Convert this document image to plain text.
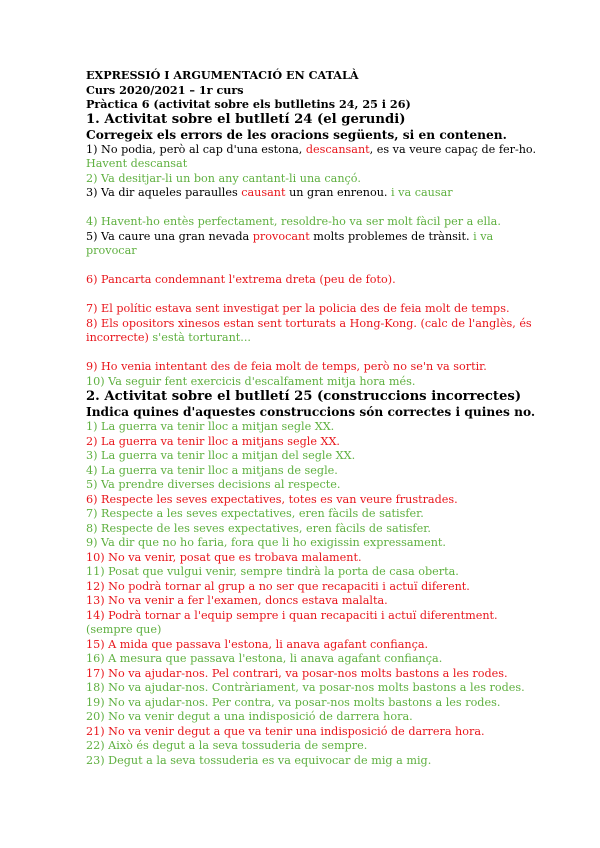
EXPRESSIÓ I ARGUMENTACIÓ EN CATALÀ
Curs 2020/2021 – 1r curs
Pràctica 6 (activitat sobre els butlletins 24, 25 i 26)
1. Activitat sobre el butlletí 24 (el gerundi)
Corregeix els errors de les oracions següents, si en contenen.
1) No podia, però al cap d'una estona, descansant, es va veure capaç de fer-ho.
Havent descansat
2) Va desitjar-li un bon any cantant-li una cançó.
3) Va dir aqueles paraulles causant un gran enrenou. i va causar
4) Havent-ho entès perfectament, resoldre-ho va ser molt fàcil per a ella.
5) Va caure una gran nevada provocant molts problemes de trànsit. i va
provocar
6) Pancarta condemnant l'extrema dreta (peu de foto).
7) El polític estava sent investigat per la policia des de feia molt de temps.
8) Els opositors xinesos estan sent torturats a Hong-Kong. (calc de l'anglès, és
incorrecte) s'està torturant...
9) Ho venia intentant des de feia molt de temps, però no se'n va sortir.
10) Va seguir fent exercicis d'escalfament mitja hora més.
2. Activitat sobre el butlletí 25 (construccions incorrectes)
Indica quines d'aquestes construccions són correctes i quines no.
1) La guerra va tenir lloc a mitjan segle XX.
2) La guerra va tenir lloc a mitjans segle XX.
3) La guerra va tenir lloc a mitjan del segle XX.
4) La guerra va tenir lloc a mitjans de segle.
5) Va prendre diverses decisions al respecte.
6) Respecte les seves expectatives, totes es van veure frustrades.
7) Respecte a les seves expectatives, eren fàcils de satisfer.
8) Respecte de les seves expectatives, eren fàcils de satisfer.
9) Va dir que no ho faria, fora que li ho exigissin expressament.
10) No va venir, posat que es trobava malament.
11) Posat que vulgui venir, sempre tindrà la porta de casa oberta.
12) No podrà tornar al grup a no ser que recapaciti i actuï diferent.
13) No va venir a fer l'examen, doncs estava malalta.
14) Podrà tornar a l'equip sempre i quan recapaciti i actuï diferentment.
(sempre que)
15) A mida que passava l'estona, li anava agafant confiança.
16) A mesura que passava l'estona, li anava agafant confiança.
17) No va ajudar-nos. Pel contrari, va posar-nos molts bastons a les rodes.
18) No va ajudar-nos. Contràriament, va posar-nos molts bastons a les rodes.
19) No va ajudar-nos. Per contra, va posar-nos molts bastons a les rodes.
20) No va venir degut a una indisposició de darrera hora.
21) No va venir degut a que va tenir una indisposició de darrera hora.
22) Això és degut a la seva tossuderia de sempre.
23) Degut a la seva tossuderia es va equivocar de mig a mig.
